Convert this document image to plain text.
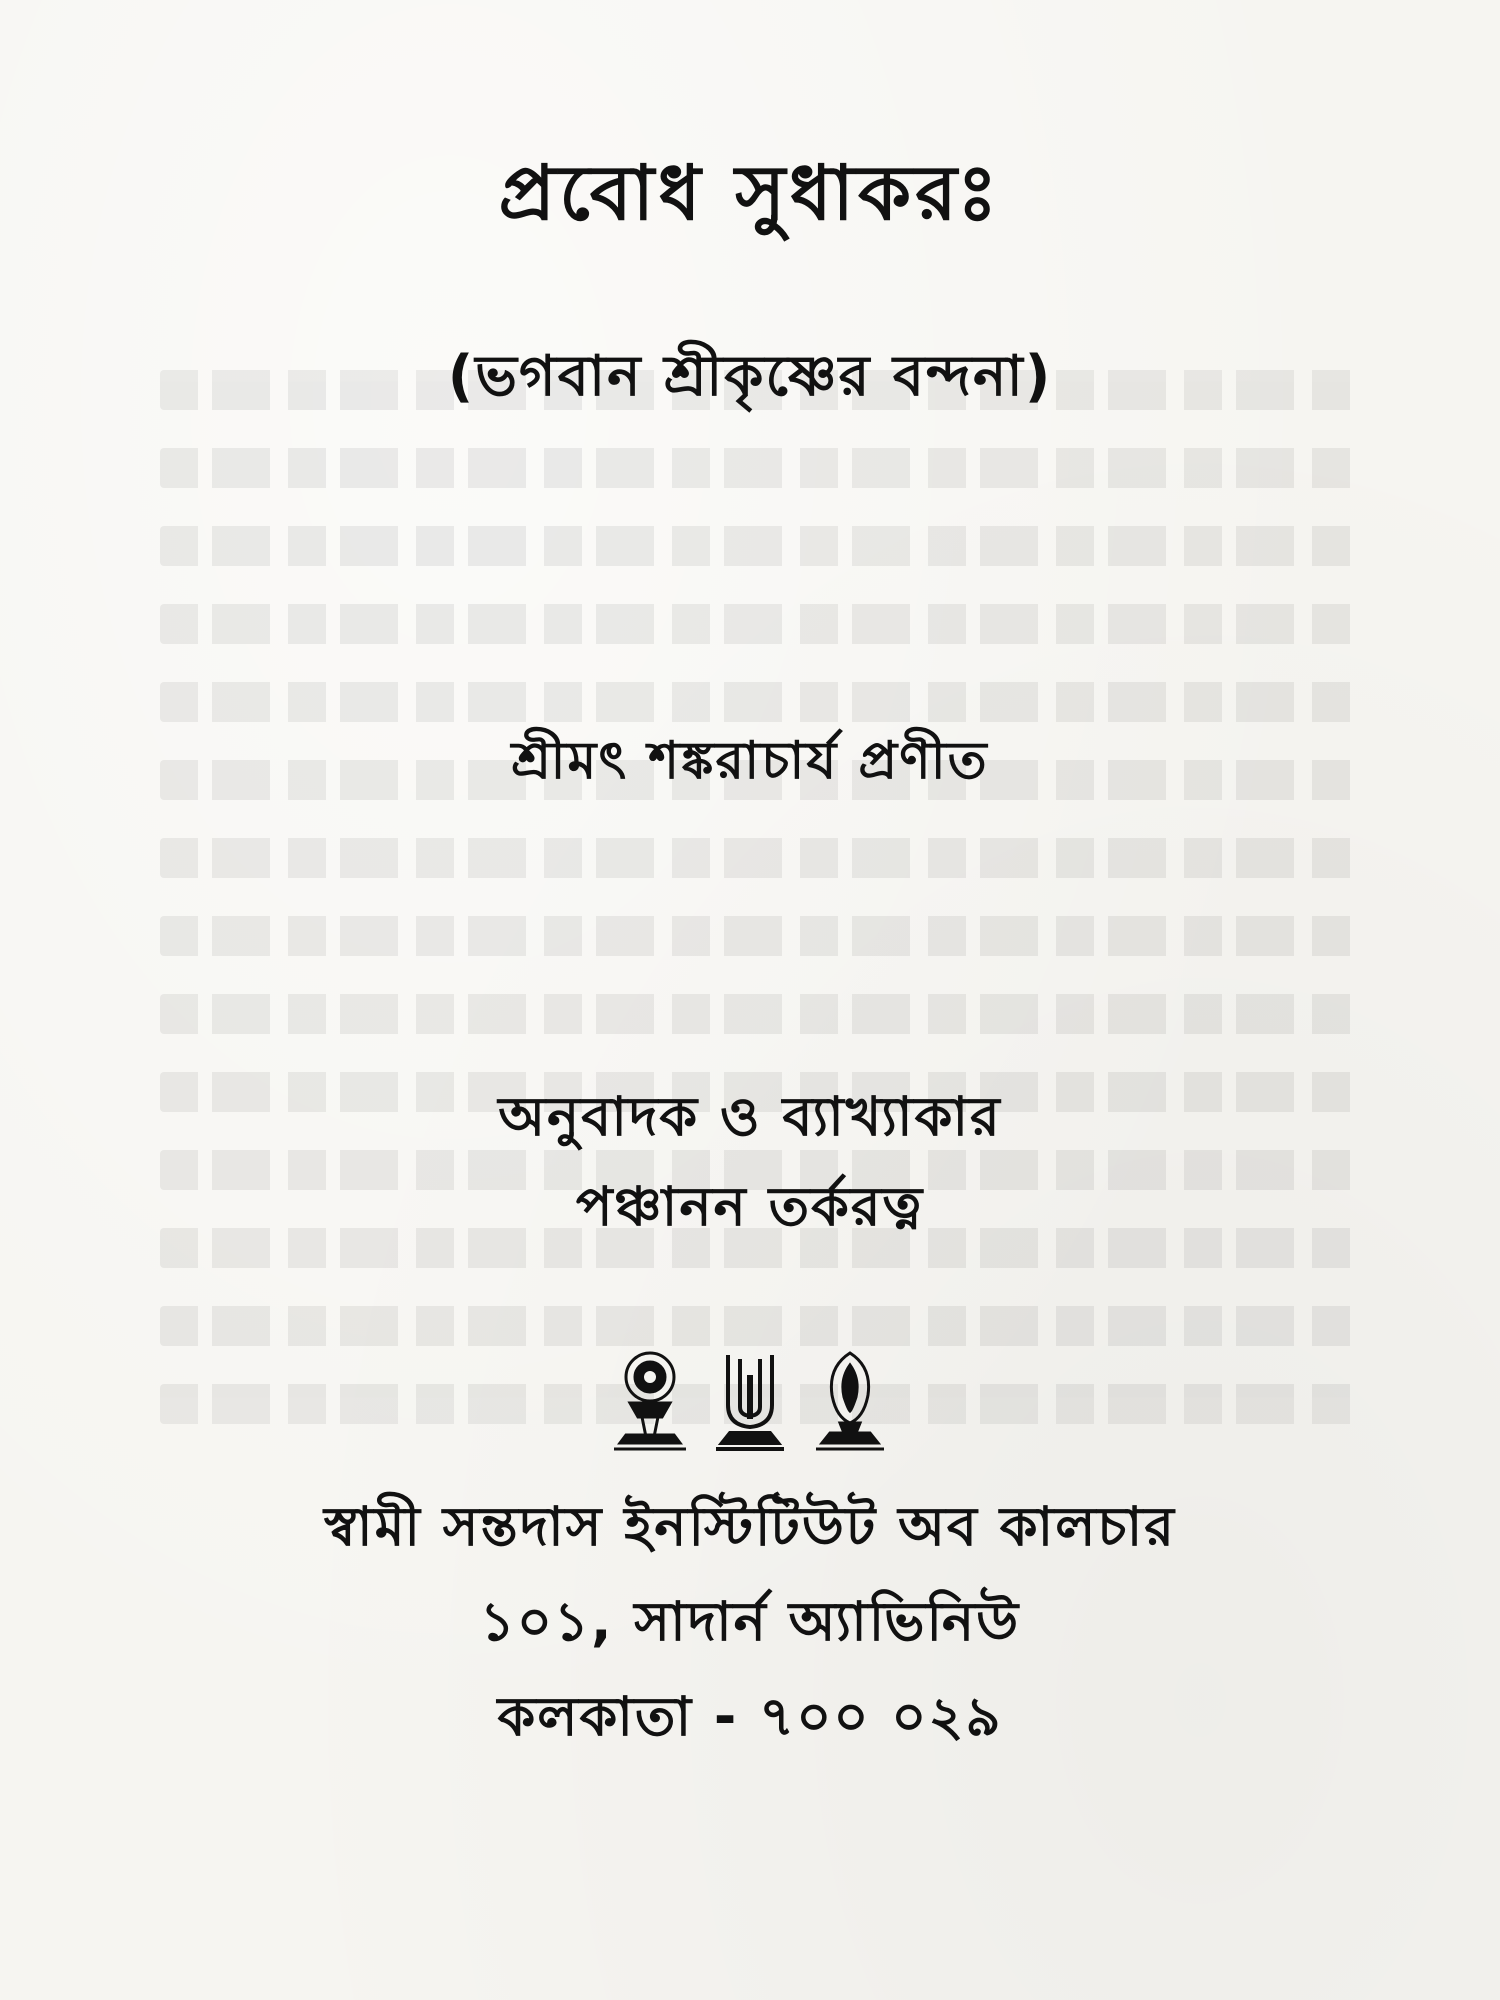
প্রবোধ সুধাকরঃ
(ভগবান শ্রীকৃষ্ণের বন্দনা)
শ্রীমৎ শঙ্করাচার্য প্রণীত
অনুবাদক ও ব্যাখ্যাকার
পঞ্চানন তর্করত্ন
স্বামী সন্তদাস ইনস্টিটিউট অব কালচার
১০১, সাদার্ন অ্যাভিনিউ
কলকাতা - ৭০০ ০২৯
